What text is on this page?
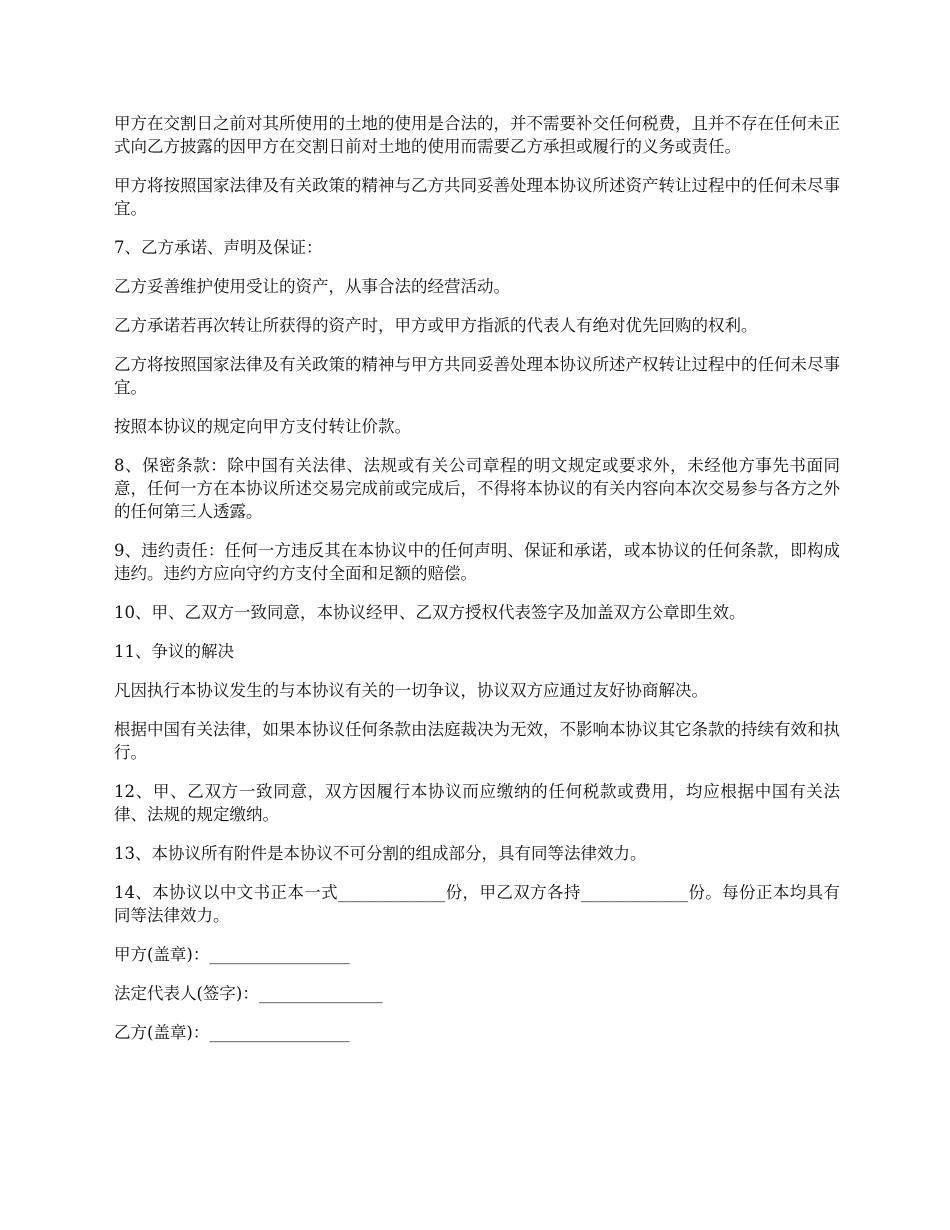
甲方在交割日之前对其所使用的土地的使用是合法的，并不需要补交任何税费，且并不存在任何未正式向乙方披露的因甲方在交割日前对土地的使用而需要乙方承担或履行的义务或责任。

甲方将按照国家法律及有关政策的精神与乙方共同妥善处理本协议所述资产转让过程中的任何未尽事宜。

7、乙方承诺、声明及保证：

乙方妥善维护使用受让的资产，从事合法的经营活动。

乙方承诺若再次转让所获得的资产时，甲方或甲方指派的代表人有绝对优先回购的权利。

乙方将按照国家法律及有关政策的精神与甲方共同妥善处理本协议所述产权转让过程中的任何未尽事宜。

按照本协议的规定向甲方支付转让价款。

8、保密条款：除中国有关法律、法规或有关公司章程的明文规定或要求外，未经他方事先书面同意，任何一方在本协议所述交易完成前或完成后，不得将本协议的有关内容向本次交易参与各方之外的任何第三人透露。

9、违约责任：任何一方违反其在本协议中的任何声明、保证和承诺，或本协议的任何条款，即构成违约。违约方应向守约方支付全面和足额的赔偿。

10、甲、乙双方一致同意，本协议经甲、乙双方授权代表签字及加盖双方公章即生效。

11、争议的解决

凡因执行本协议发生的与本协议有关的一切争议，协议双方应通过友好协商解决。

根据中国有关法律，如果本协议任何条款由法庭裁决为无效，不影响本协议其它条款的持续有效和执行。

12、甲、乙双方一致同意，双方因履行本协议而应缴纳的任何税款或费用，均应根据中国有关法律、法规的规定缴纳。

13、本协议所有附件是本协议不可分割的组成部分，具有同等法律效力。

14、本协议以中文书正本一式_____________份，甲乙双方各持_____________份。每份正本均具有同等法律效力。

甲方(盖章)：_________________

法定代表人(签字)：_______________

乙方(盖章)：_________________
